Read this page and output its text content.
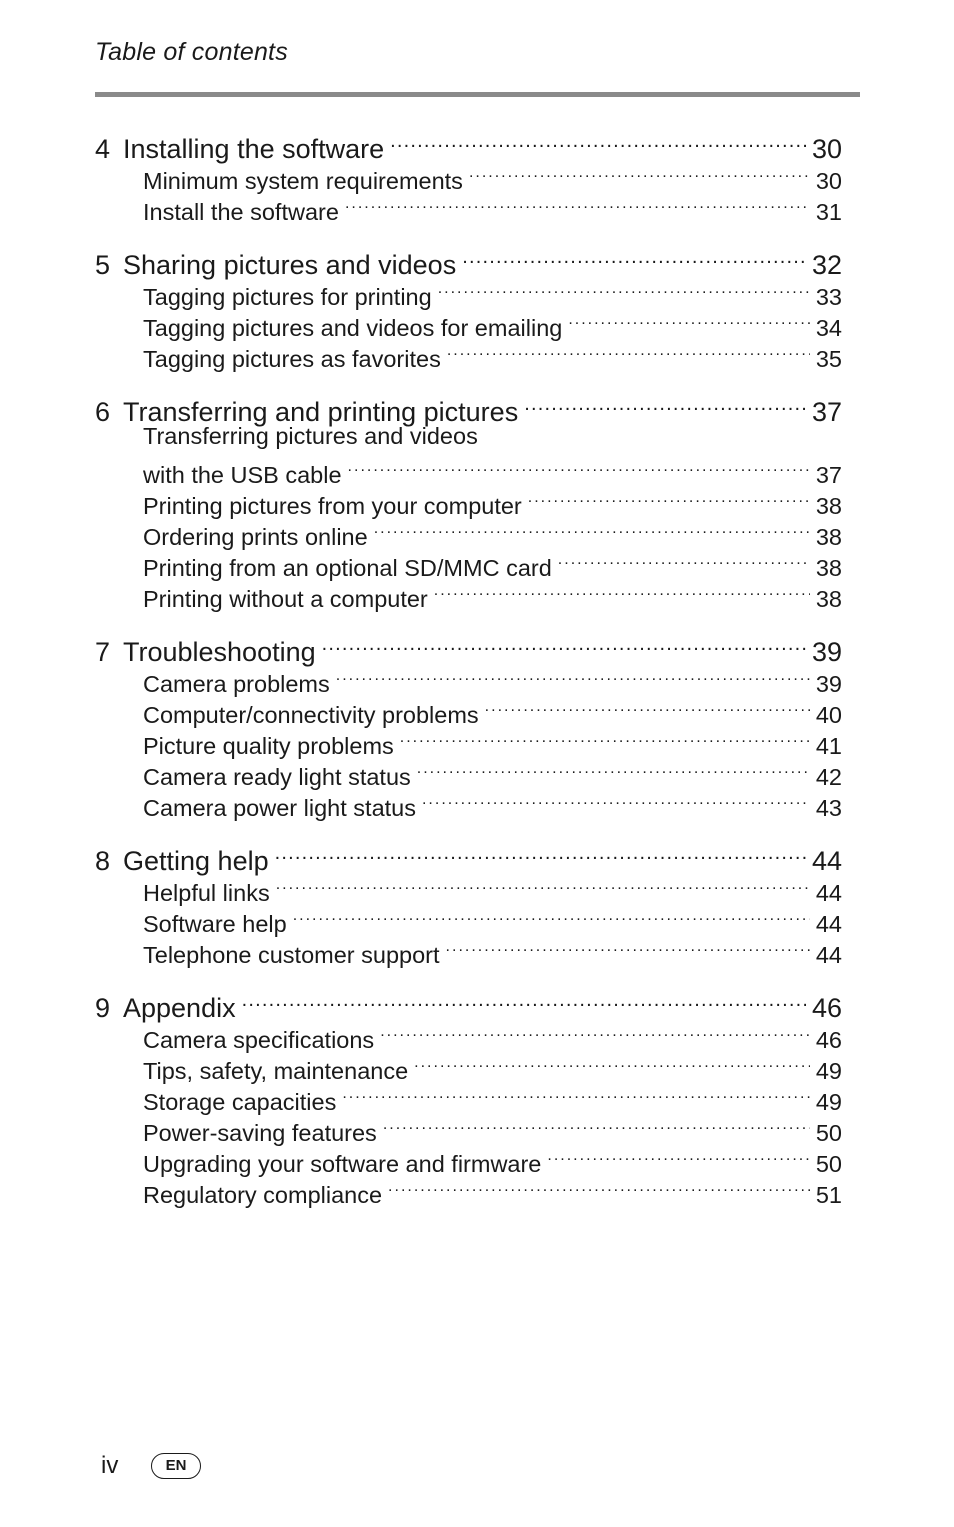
Table of contents
4 Installing the software .....	30
Minimum system requirements .....	30
Install the software .....	31
5 Sharing pictures and videos .....	32
Tagging pictures for printing .....	33
Tagging pictures and videos for emailing .....	34
Tagging pictures as favorites .....	35
6 Transferring and printing pictures .....	37
Transferring pictures and videos
with the USB cable .....	37
Printing pictures from your computer .....	38
Ordering prints online .....	38
Printing from an optional SD/MMC card .....	38
Printing without a computer .....	38
7 Troubleshooting .....	39
Camera problems .....	39
Computer/connectivity problems .....	40
Picture quality problems .....	41
Camera ready light status .....	42
Camera power light status .....	43
8 Getting help .....	44
Helpful links .....	44
Software help .....	44
Telephone customer support .....	44
9 Appendix .....	46
Camera specifications .....	46
Tips, safety, maintenance .....	49
Storage capacities .....	49
Power-saving features .....	50
Upgrading your software and firmware .....	50
Regulatory compliance .....	51
iv	EN
